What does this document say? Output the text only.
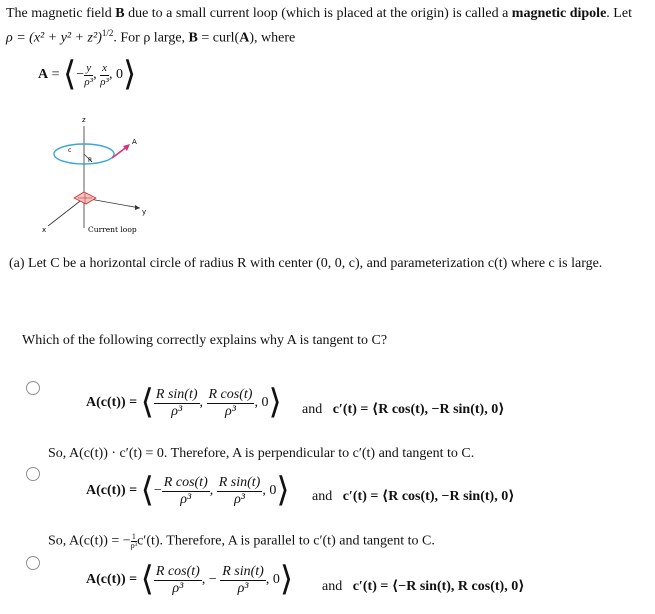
The magnetic field B due to a small current loop (which is placed at the origin) is called a magnetic dipole. Let
$\rho = (x^2 + y^2 + z^2)^{1/2}$. For ρ large, B = curl(A), where
A = ⟨− $\frac{y}{\text{ρ³}}$ , $\frac{x}{\text{ρ³}}$ , 0⟩
z
y
x
c
R
A
Current loop
(a) Let C be a horizontal circle of radius R with center (0, 0, c), and parameterization c(t) where c is large.
Which of the following correctly explains why A is tangent to C?
A(c(t)) = ⟨ $\frac{\text{R sin(t)}}{\text{ρ³}}$ , $\frac{\text{R cos(t)}}{\text{ρ³}}$ , 0⟩ and c′(t) = ⟨R cos(t), −R sin(t), 0⟩
So, A(c(t)) · c′(t) = 0. Therefore, A is perpendicular to c′(t) and tangent to C.
A(c(t)) = ⟨− $\frac{\text{R cos(t)}}{\text{ρ³}}$ , $\frac{\text{R sin(t)}}{\text{ρ³}}$ , 0⟩ and c′(t) = ⟨R cos(t), −R sin(t), 0⟩
So, A(c(t)) = − $\frac{1}{\text{ρ³}}c'(t)$. Therefore, A is parallel to c′(t) and tangent to C.
A(c(t)) = ⟨ $\frac{\text{R cos(t)}}{\text{ρ³}}$ , − $\frac{\text{R sin(t)}}{\text{ρ³}}$ , 0⟩ and c′(t) = ⟨−R sin(t), R cos(t), 0⟩
